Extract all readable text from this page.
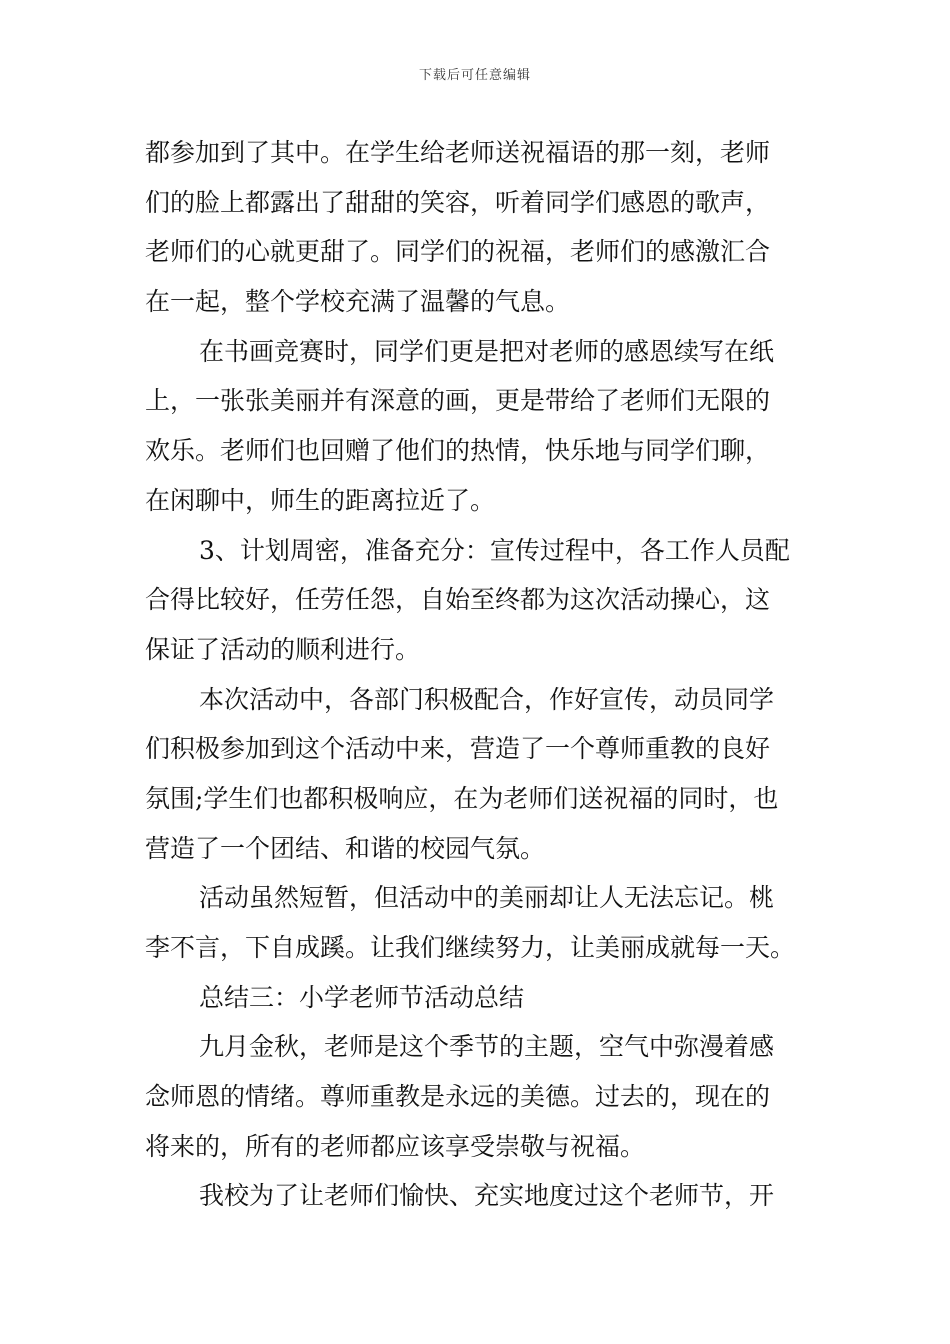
下载后可任意编辑
都参加到了其中。在学生给老师送祝福语的那一刻，老师
们的脸上都露出了甜甜的笑容，听着同学们感恩的歌声，
老师们的心就更甜了。同学们的祝福，老师们的感激汇合
在一起，整个学校充满了温馨的气息。
在书画竞赛时，同学们更是把对老师的感恩续写在纸
上，一张张美丽并有深意的画，更是带给了老师们无限的
欢乐。老师们也回赠了他们的热情，快乐地与同学们聊，
在闲聊中，师生的距离拉近了。
3、计划周密，准备充分：宣传过程中，各工作人员配
合得比较好，任劳任怨，自始至终都为这次活动操心，这
保证了活动的顺利进行。
本次活动中，各部门积极配合，作好宣传，动员同学
们积极参加到这个活动中来，营造了一个尊师重教的良好
氛围;学生们也都积极响应，在为老师们送祝福的同时，也
营造了一个团结、和谐的校园气氛。
活动虽然短暂，但活动中的美丽却让人无法忘记。桃
李不言，下自成蹊。让我们继续努力，让美丽成就每一天。
总结三：小学老师节活动总结
九月金秋，老师是这个季节的主题，空气中弥漫着感
念师恩的情绪。尊师重教是永远的美德。过去的，现在的
将来的，所有的老师都应该享受崇敬与祝福。
我校为了让老师们愉快、充实地度过这个老师节，开
